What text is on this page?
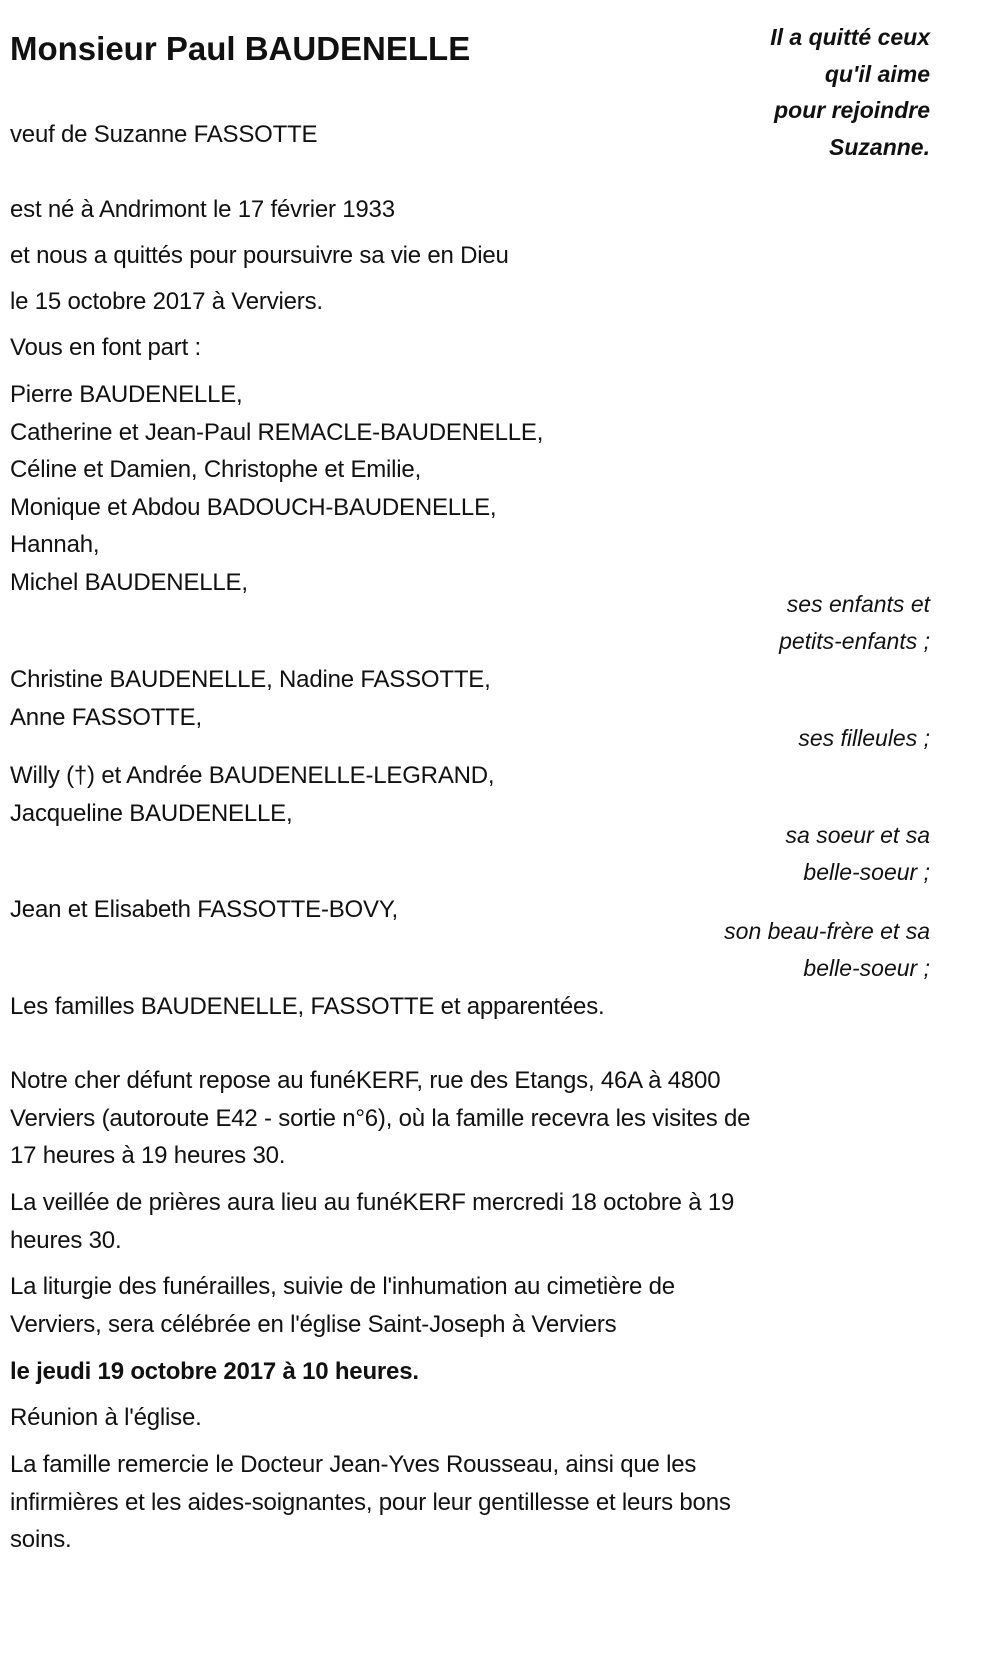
Monsieur Paul BAUDENELLE	Il a quitté ceux
qu'il aime
pour rejoindre
Suzanne.
veuf de Suzanne FASSOTTE
est né à Andrimont le 17 février 1933
et nous a quittés pour poursuivre sa vie en Dieu
le 15 octobre 2017 à Verviers.
Vous en font part :
Pierre BAUDENELLE,
Catherine et Jean-Paul REMACLE-BAUDENELLE,
Céline et Damien, Christophe et Emilie,
Monique et Abdou BADOUCH-BAUDENELLE,
Hannah,
Michel BAUDENELLE,
ses enfants et
petits-enfants ;
Christine BAUDENELLE, Nadine FASSOTTE,
Anne FASSOTTE,
ses filleules ;
Willy (†) et Andrée BAUDENELLE-LEGRAND,
Jacqueline BAUDENELLE,
sa soeur et sa
belle-soeur ;
Jean et Elisabeth FASSOTTE-BOVY,
son beau-frère et sa
belle-soeur ;
Les familles BAUDENELLE, FASSOTTE et apparentées.
Notre cher défunt repose au funéKERF, rue des Etangs, 46A à 4800
Verviers (autoroute E42 - sortie n°6), où la famille recevra les visites de
17 heures à 19 heures 30.
La veillée de prières aura lieu au funéKERF mercredi 18 octobre à 19
heures 30.
La liturgie des funérailles, suivie de l'inhumation au cimetière de
Verviers, sera célébrée en l'église Saint-Joseph à Verviers
le jeudi 19 octobre 2017 à 10 heures.
Réunion à l'église.
La famille remercie le Docteur Jean-Yves Rousseau, ainsi que les
infirmières et les aides-soignantes, pour leur gentillesse et leurs bons
soins.
